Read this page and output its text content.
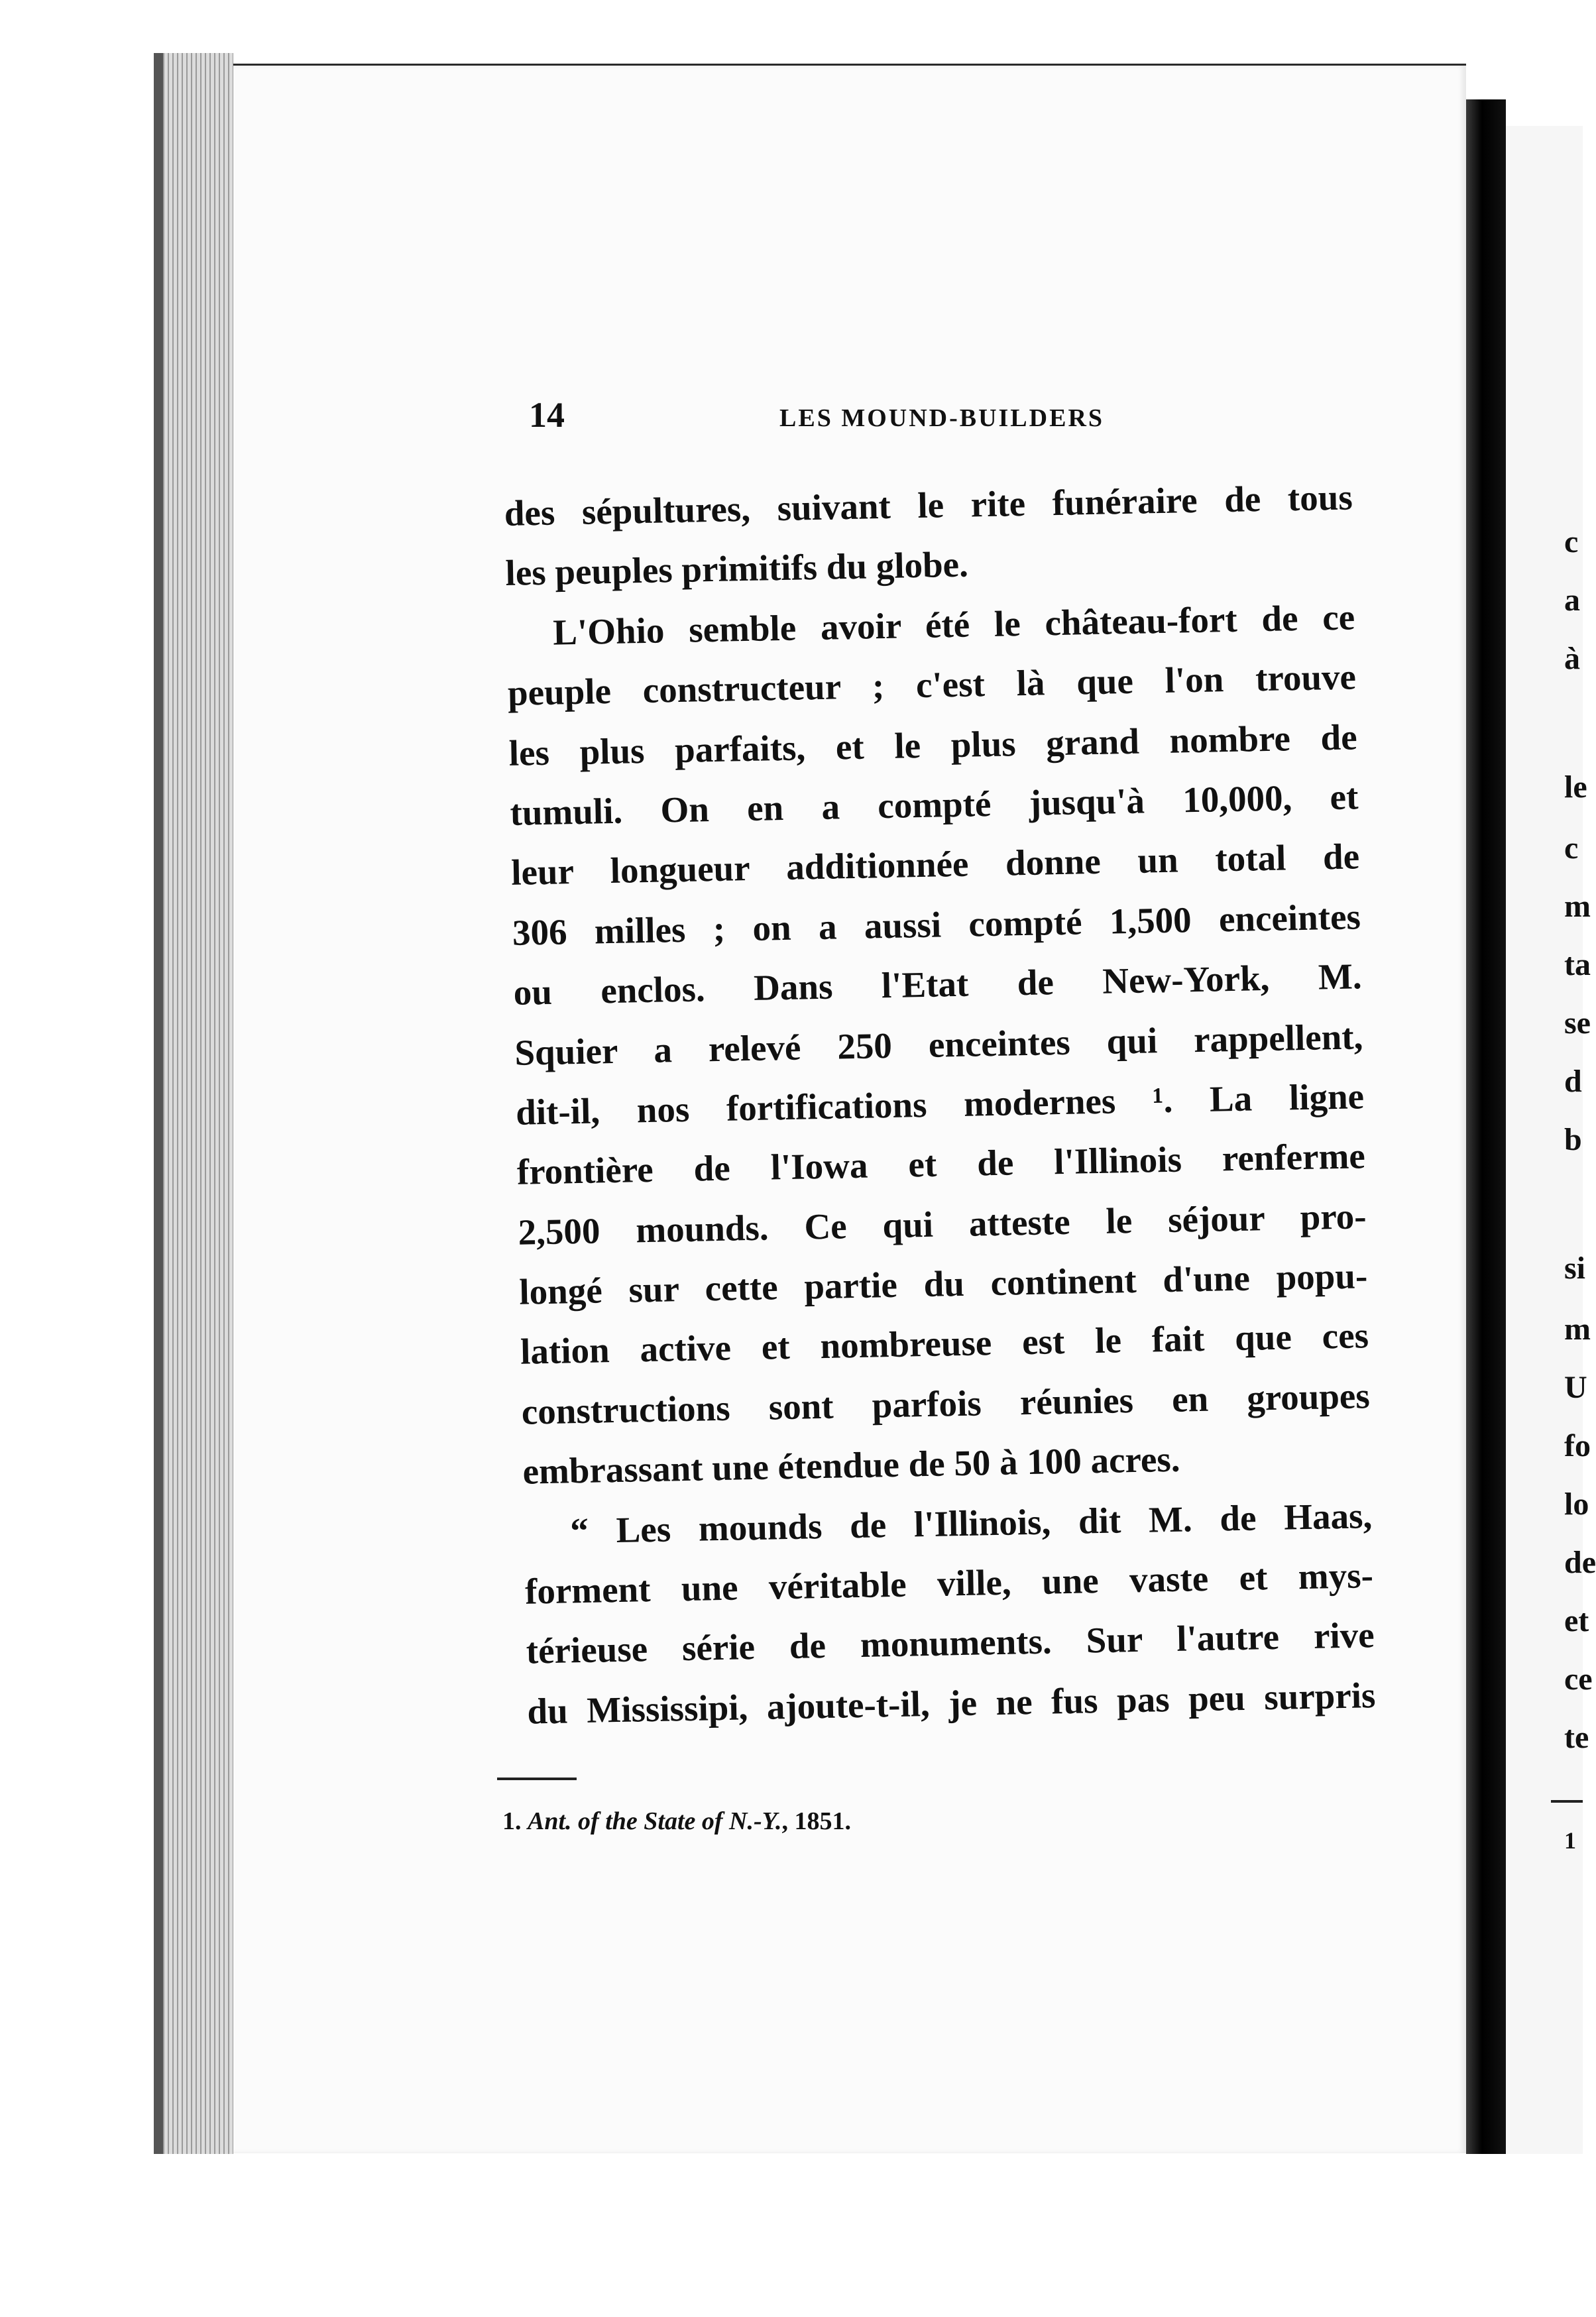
14	LES MOUND-BUILDERS
des sépultures, suivant le rite funéraire de tous
les peuples primitifs du globe.
L'Ohio semble avoir été le château-fort de ce
peuple constructeur ; c'est là que l'on trouve
les plus parfaits, et le plus grand nombre de
tumuli. On en a compté jusqu'à 10,000, et
leur longueur additionnée donne un total de
306 milles ; on a aussi compté 1,500 enceintes
ou enclos. Dans l'Etat de New-York, M.
Squier a relevé 250 enceintes qui rappellent,
dit-il, nos fortifications modernes ¹. La ligne
frontière de l'Iowa et de l'Illinois renferme
2,500 mounds. Ce qui atteste le séjour pro-
longé sur cette partie du continent d'une popu-
lation active et nombreuse est le fait que ces
constructions sont parfois réunies en groupes
embrassant une étendue de 50 à 100 acres.
“ Les mounds de l'Illinois, dit M. de Haas,
forment une véritable ville, une vaste et mys-
térieuse série de monuments. Sur l'autre rive
du Mississipi, ajoute-t-il, je ne fus pas peu surpris
1. Ant. of the State of N.-Y., 1851.
c
a
à
le
c
m
ta
se
d
b
si
m
U
fo
lo
de
et
ce
te
1
